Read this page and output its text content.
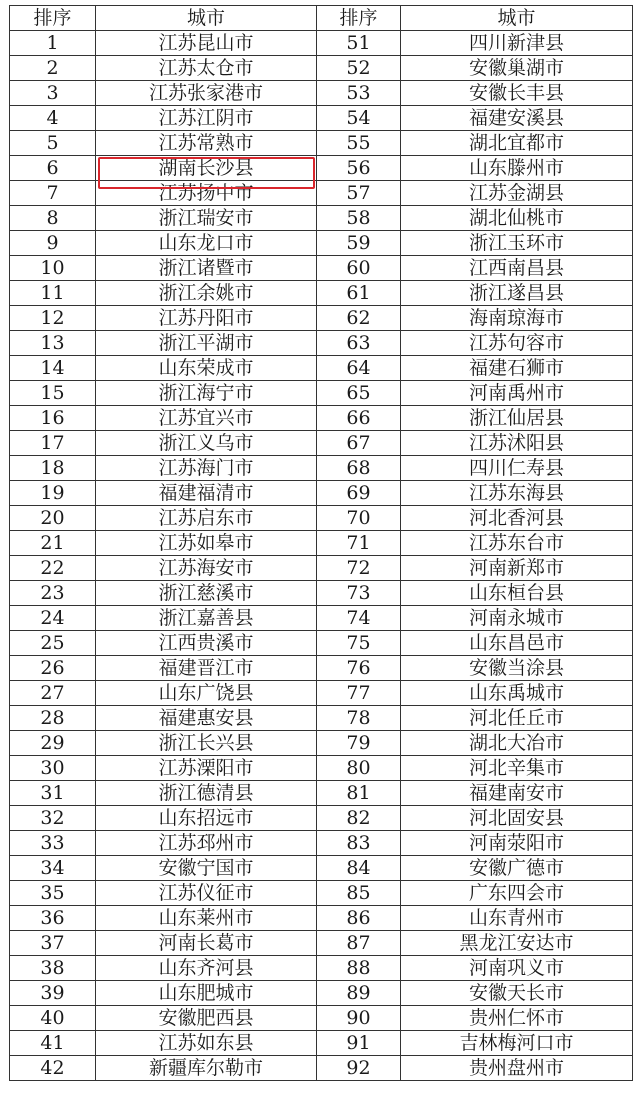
排序	城市	排序	城市
1	江苏昆山市	51	四川新津县
2	江苏太仓市	52	安徽巢湖市
3	江苏张家港市	53	安徽长丰县
4	江苏江阴市	54	福建安溪县
5	江苏常熟市	55	湖北宜都市
6	湖南长沙县	56	山东滕州市
7	江苏扬中市	57	江苏金湖县
8	浙江瑞安市	58	湖北仙桃市
9	山东龙口市	59	浙江玉环市
10	浙江诸暨市	60	江西南昌县
11	浙江余姚市	61	浙江遂昌县
12	江苏丹阳市	62	海南琼海市
13	浙江平湖市	63	江苏句容市
14	山东荣成市	64	福建石狮市
15	浙江海宁市	65	河南禹州市
16	江苏宜兴市	66	浙江仙居县
17	浙江义乌市	67	江苏沭阳县
18	江苏海门市	68	四川仁寿县
19	福建福清市	69	江苏东海县
20	江苏启东市	70	河北香河县
21	江苏如皋市	71	江苏东台市
22	江苏海安市	72	河南新郑市
23	浙江慈溪市	73	山东桓台县
24	浙江嘉善县	74	河南永城市
25	江西贵溪市	75	山东昌邑市
26	福建晋江市	76	安徽当涂县
27	山东广饶县	77	山东禹城市
28	福建惠安县	78	河北任丘市
29	浙江长兴县	79	湖北大冶市
30	江苏溧阳市	80	河北辛集市
31	浙江德清县	81	福建南安市
32	山东招远市	82	河北固安县
33	江苏邳州市	83	河南荥阳市
34	安徽宁国市	84	安徽广德市
35	江苏仪征市	85	广东四会市
36	山东莱州市	86	山东青州市
37	河南长葛市	87	黑龙江安达市
38	山东齐河县	88	河南巩义市
39	山东肥城市	89	安徽天长市
40	安徽肥西县	90	贵州仁怀市
41	江苏如东县	91	吉林梅河口市
42	新疆库尔勒市	92	贵州盘州市
